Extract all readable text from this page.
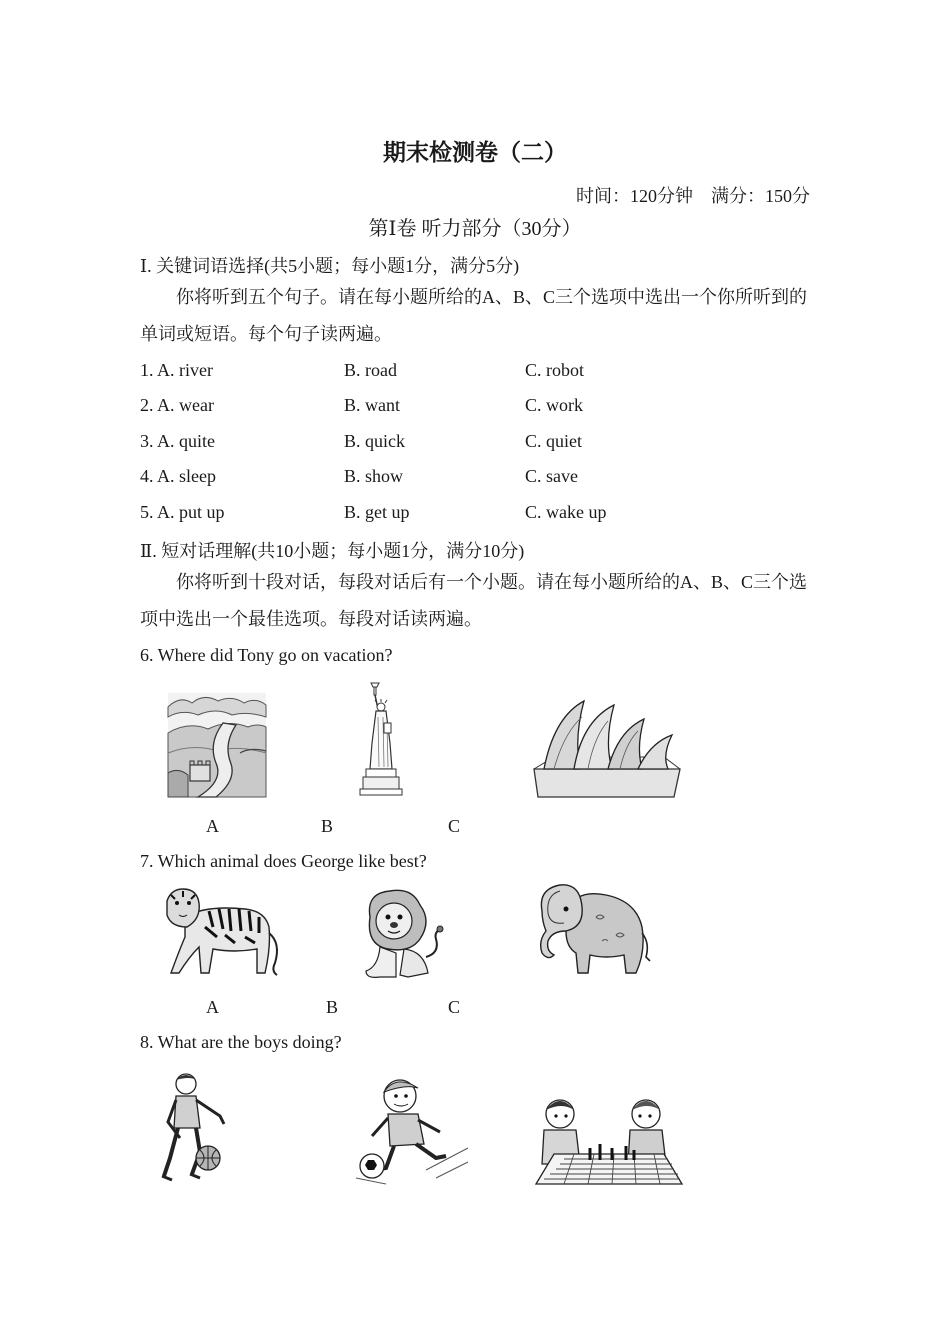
期末检测卷（二）
时间：120分钟　满分：150分
第Ⅰ卷 听力部分（30分）
Ⅰ. 关键词语选择(共5小题；每小题1分，满分5分)
你将听到五个句子。请在每小题所给的A、B、C三个选项中选出一个你所听到的单词或短语。每个句子读两遍。
1. A. river	B. road	C. robot
2. A. wear	B. want	C. work
3. A. quite	B. quick	C. quiet
4. A. sleep	B. show	C. save
5. A. put up	B. get up	C. wake up
Ⅱ. 短对话理解(共10小题；每小题1分，满分10分)
你将听到十段对话，每段对话后有一个小题。请在每小题所给的A、B、C三个选项中选出一个最佳选项。每段对话读两遍。
6. Where did Tony go on vacation?
A	B	C
7. Which animal does George like best?
A	B	C
8. What are the boys doing?
